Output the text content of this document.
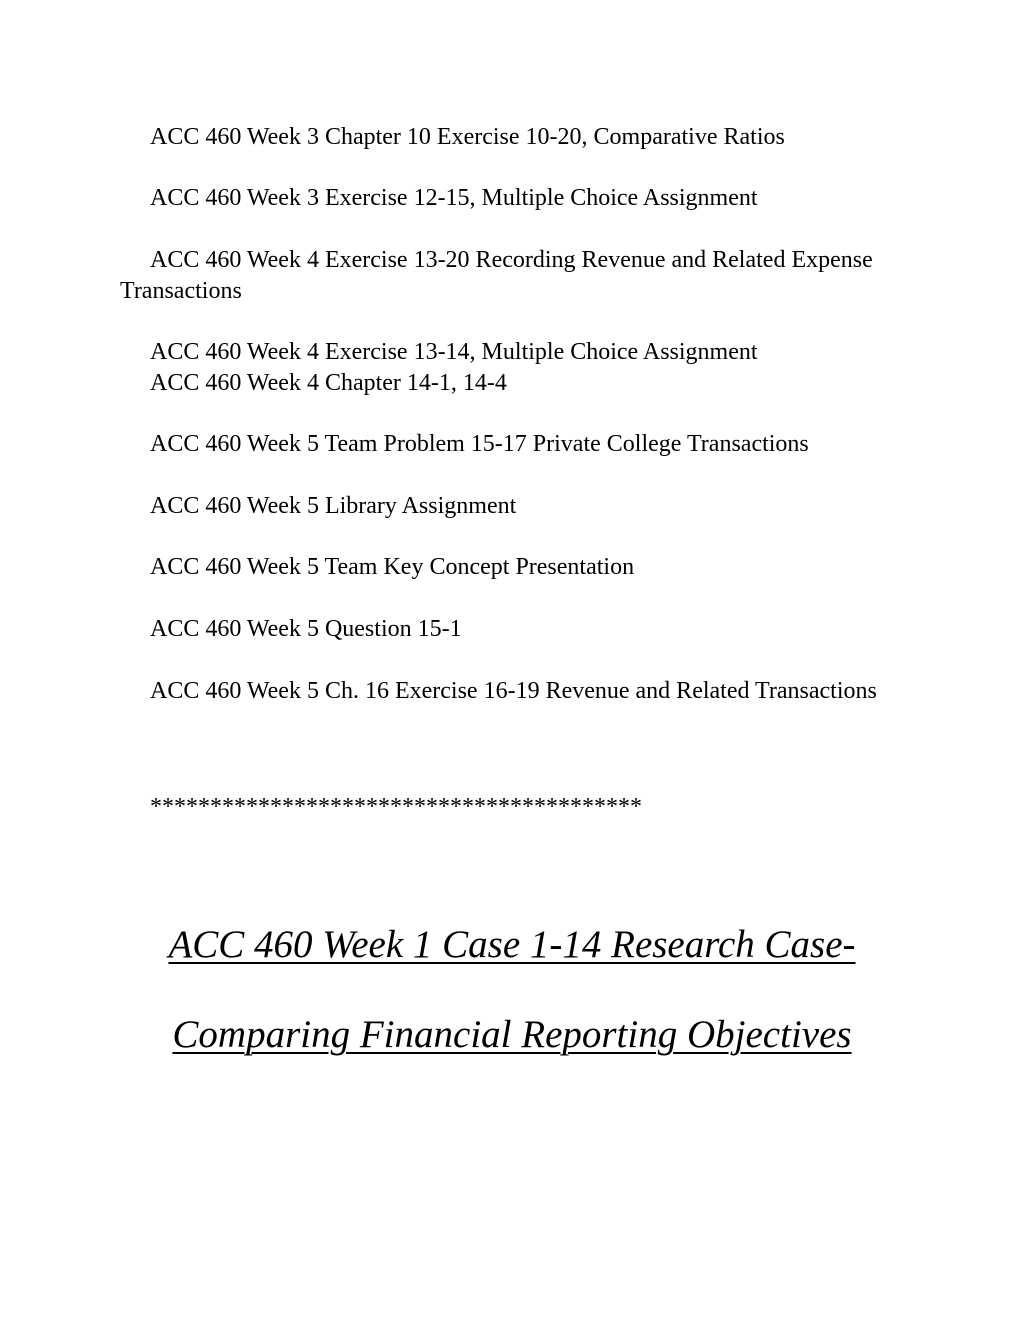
ACC 460 Week 3 Chapter 10 Exercise 10-20, Comparative Ratios

ACC 460 Week 3 Exercise 12-15, Multiple Choice Assignment

ACC 460 Week 4 Exercise 13-20 Recording Revenue and Related Expense Transactions

ACC 460 Week 4 Exercise 13-14, Multiple Choice Assignment

ACC 460 Week 4 Chapter 14-1, 14-4

ACC 460 Week 5 Team Problem 15-17 Private College Transactions

ACC 460 Week 5 Library Assignment

ACC 460 Week 5 Team Key Concept Presentation

ACC 460 Week 5 Question 15-1

ACC 460 Week 5 Ch. 16 Exercise 16-19 Revenue and Related Transactions

*****************************************

ACC 460 Week 1 Case 1-14 Research Case-
Comparing Financial Reporting Objectives
